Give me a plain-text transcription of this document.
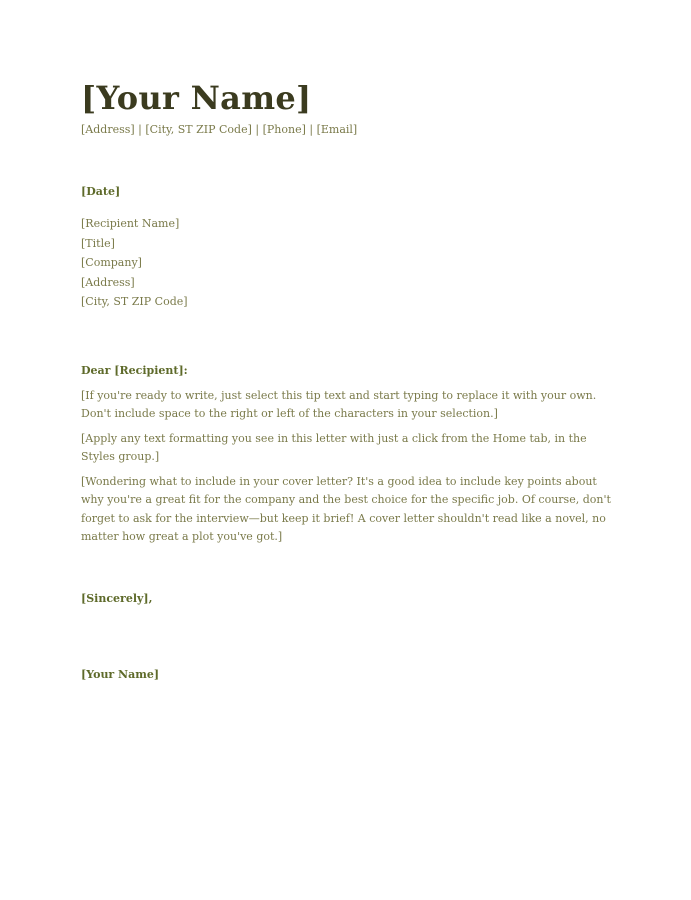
[Your Name]
[Address] | [City, ST ZIP Code] | [Phone] | [Email]
[Date]
[Recipient Name]
[Title]
[Company]
[Address]
[City, ST ZIP Code]
Dear [Recipient]:
[If you're ready to write, just select this tip text and start typing to replace it with your own. Don't include space to the right or left of the characters in your selection.]
[Apply any text formatting you see in this letter with just a click from the Home tab, in the Styles group.]
[Wondering what to include in your cover letter? It's a good idea to include key points about why you're a great fit for the company and the best choice for the specific job. Of course, don't forget to ask for the interview—but keep it brief! A cover letter shouldn't read like a novel, no matter how great a plot you've got.]
[Sincerely],
[Your Name]
